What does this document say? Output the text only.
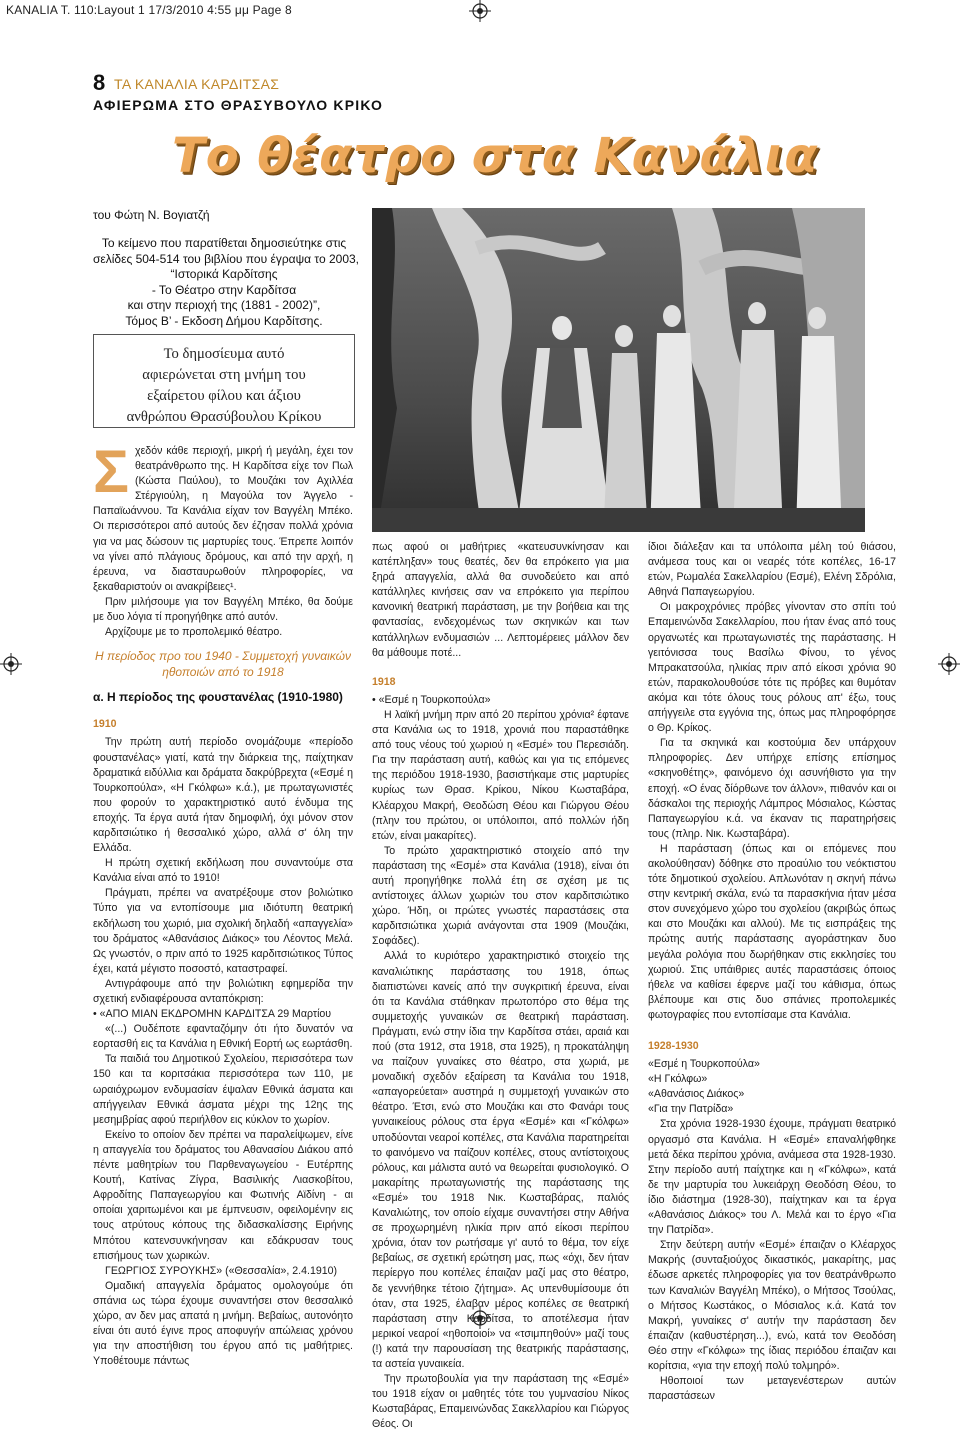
KANALIA T. 110:Layout 1 17/3/2010 4:55 μμ Page 8
8 ΤΑ ΚΑΝΑΛΙΑ ΚΑΡΔΙΤΣΑΣ
ΑΦΙΕΡΩΜΑ ΣΤΟ ΘΡΑΣΥΒΟΥΛΟ ΚΡΙΚΟ
Το θέατρο στα Κανάλια
του Φώτη Ν. Βογιατζή
Το κείμενο που παρατίθεται δημοσιεύτηκε στις
σελίδες 504-514 του βιβλίου που έγραψα το 2003,
“Ιστορικά Καρδίτσης
- Το Θέατρο στην Καρδίτσα
και στην περιοχή της (1881 - 2002)”,
Τόμος Β’ - Εκδοση Δήμου Καρδίτσης.
Το δημοσίευμα αυτό
αφιερώνεται στη μνήμη του
εξαίρετου φίλου και άξιου
ανθρώπου Θρασύβουλου Κρίκου

Σχεδόν κάθε περιοχή, μικρή ή μεγάλη, έχει τον θεατράνθρωπο της. Η Καρδίτσα είχε τον Πωλ (Κώστα Παύλου), το Μουζάκι τον Αχιλλέα Στέργιούλη, η Μαγούλα τον Άγγελο - Παπαϊωάννου. Τα Κανάλια είχαν τον Βαγγέλη Μπέκο. Οι περισσότεροι από αυτούς δεν έζησαν πολλά χρόνια για να μας δώσουν τις μαρτυρίες τους. Έπρεπε λοιπόν να γίνει από πλάγιους δρόμους, και από την αρχή, η έρευνα, να διασταυρωθούν πληροφορίες, να ξεκαθαριστούν οι ανακρίβειες¹.

Πριν μιλήσουμε για τον Βαγγέλη Μπέκο, θα δούμε με δυο λόγια τί προηγήθηκε από αυτόν.

Αρχίζουμε με το προπολεμικό θέατρο.

Η περίοδος προ του 1940 - Συμμετοχή γυναικών ηθοποιών από το 1918

α. Η περίοδος της φουστανέλας (1910-1980)

1910

Την πρώτη αυτή περίοδο ονομάζουμε «περίοδο φουστανέλας» γιατί, κατά την διάρκεια της, παίχτηκαν δραματικά ειδύλλια και δράματα δακρύβρεχτα («Εσμέ η Τουρκοπούλα», «Η Γκόλφω» κ.ά.), με πρωταγωνιστές που φορούν το χαρακτηριστικό αυτό ένδυμα της εποχής. Τα έργα αυτά ήταν δημοφιλή, όχι μόνον στον καρδιτσιώτικο ή θεσσαλικό χώρο, αλλά σ' όλη την Ελλάδα.

Η πρώτη σχετική εκδήλωση που συναντούμε στα Κανάλια είναι από το 1910!

Πράγματι, πρέπει να ανατρέξουμε στον βολιώτικο Τύπο για να εντοπίσουμε μια ιδιότυπη θεατρική εκδήλωση του χωριό, μια σχολική δηλαδή «απαγγελία» του δράματος «Αθανάσιος Διάκος» του Λέοντος Μελά. Ως γνωστόν, ο πριν από το 1925 καρδιτσιώτικος Τύπος έχει, κατά μέγιστο ποσοστό, καταστραφεί.

Αντιγράφουμε από την βολιώτικη εφημερίδα την σχετική ενδιαφέρουσα ανταπόκριση:

• «ΑΠΟ ΜΙΑΝ ΕΚΔΡΟΜΗΝ ΚΑΡΔΙΤΣΑ 29 Μαρτίου

«(...) Ουδέποτε εφανταζόμην ότι ήτο δυνατόν να εορτασθή εις τα Κανάλια η Εθνική Εορτή ως εωρτάσθη.

Τα παιδιά του Δημοτικού Σχολείου, περισσότερα των 150 και τα κοριτσάκια περισσότερα των 110, με ωραιόχρωμον ενδυμασίαν έψαλαν Εθνικά άσματα και απήγγειλαν Εθνικά άσματα μέχρι της 12ης της μεσημβρίας αφού περιήλθον εις κύκλον το χωρίον.

Εκείνο το οποίον δεν πρέπει να παραλείψωμεν, είνε η απαγγελία του δράματος του Αθανασίου Διάκου από πέντε μαθητρίων του Παρθεναγωγείου - Ευτέρπης Κουτή, Κατίνας Ζίγρα, Βασιλικής Λιασκοβίτου, Αφροδίτης Παπαγεωργίου και Φωτινής Αϊδίνη - αι οποίαι χαριτωμένοι και με έμπνευσιν, οφειλομένην εις τους ατρύτους κόπους της διδασκαλίσσης Ειρήνης Μπότου κατενσυνκήνησαν και εδάκρυσαν τους επισήμους των χωρικών.

ΓΕΩΡΓΙΟΣ ΣΥΡΟΥΚΗΣ» («Θεσσαλία», 2.4.1910)

Ομαδική απαγγελία δράματος ομολογούμε ότι σπάνια ως τώρα έχουμε συναντήσει στον θεσσαλικό χώρο, αν δεν μας απατά η μνήμη. Βεβαίως, αυτονόητο είναι ότι αυτό έγινε προς αποφυγήν απώλειας χρόνου για την αποστήθιση του έργου από τις μαθήτριες. Υποθέτουμε πάντως

πως αφού οι μαθήτριες «κατευσυνκίνησαν και κατέπληξαν» τους θεατές, δεν θα επρόκειτο για μια ξηρά απαγγελία, αλλά θα συνοδεύετο και από κατάλληλες κινήσεις σαν να επρόκειτο για περίπου κανονική θεατρική παράσταση, με την βοήθεια και της φαντασίας, ενδεχομένως των σκηνικών και των κατάλληλων ενδυμασιών ... Λεπτομέρειες μάλλον δεν θα μάθουμε ποτέ...

1918

• «Εσμέ η Τουρκοπούλα»

Η λαϊκή μνήμη πριν από 20 περίπου χρόνια² έφτανε στα Κανάλια ως το 1918, χρονιά που παραστάθηκε από τους νέους τού χωριού η «Εσμέ» του Περεσιάδη. Για την παράσταση αυτή, καθώς και για τις επόμενες της περιόδου 1918-1930, βασιστήκαμε στις μαρτυρίες κυρίως των Θρασ. Κρίκου, Νίκου Κωσταβάρα, Κλέαρχου Μακρή, Θεοδώση Θέου και Γιώργου Θέου (πλην του πρώτου, οι υπόλοιποι, από πολλών ήδη ετών, είναι μακαρίτες).

Το πρώτο χαρακτηριστικό στοιχείο από την παράσταση της «Εσμέ» στα Κανάλια (1918), είναι ότι αυτή προηγήθηκε πολλά έτη σε σχέση με τις αντίστοιχες άλλων χωριών του στον καρδιτσιώτικο χώρο. Ήδη, οι πρώτες γνωστές παραστάσεις στα καρδιτσιώτικα χωριά ανάγονται στα 1909 (Μουζάκι, Σοφάδες).

Αλλά το κυριότερο χαρακτηριστικό στοιχείο της καναλιώτικης παράστασης του 1918, όπως διαπιστώνει κανείς από την συγκριτική έρευνα, είναι ότι τα Κανάλια στάθηκαν πρωτοπόρο στο θέμα της συμμετοχής γυναικών σε θεατρική παράσταση. Πράγματι, ενώ στην ίδια την Καρδίτσα στάει, αραιά και πού (στα 1912, στα 1918, στα 1925), η προκατάληψη να παίζουν γυναίκες στο θέατρο, στα χωριά, με μοναδική σχεδόν εξαίρεση τα Κανάλια του 1918, «απαγορεύεται» αυστηρά η συμμετοχή γυναικών στο θέατρο. Έτσι, ενώ στο Μουζάκι και στο Φανάρι τους γυναικείους ρόλους στα έργα «Εσμέ» και «Γκόλφω» υποδύονται νεαροί κοπέλες, στα Κανάλια παρατηρείται το φαινόμενο να παίζουν κοπέλες, στους αντίστοιχους ρόλους, και μάλιστα αυτό να θεωρείται φυσιολογικό. Ο μακαρίτης πρωταγωνιστής της παράστασης της «Εσμέ» του 1918 Νικ. Κωσταβάρας, παλιός Καναλιώτης, τον οποίο είχαμε συναντήσει στην Αθήνα σε προχωρημένη ηλικία πριν από είκοσι περίπου χρόνια, όταν τον ρωτήσαμε γι' αυτό το θέμα, τον είχε βεβαίως, σε σχετική ερώτηση μας, πως «όχι, δεν ήταν περίεργο που κοπέλες έπαιζαν μαζί μας στο θέατρο, δε γεννήθηκε τέτοιο ζήτημα». Ας υπενθυμίσουμε ότι όταν, στα 1925, έλαβαν μέρος κοπέλες σε θεατρική παράσταση στην Καρδίτσα, το αποτέλεσμα ήταν μερικοί νεαροί «ηθοποιοί» να «τσιμπηθούν» μαζί τους (!) κατά την παρουσίαση της θεατρικής παράστασης, τα αστεία γυναικεία.

Την πρωτοβουλία για την παράσταση της «Εσμέ» του 1918 είχαν οι μαθητές τότε του γυμνασίου Νίκος Κωσταβάρας, Επαμεινώνδας Σακελλαρίου και Γιώργος Θέος. Οι

ίδιοι διάλεξαν και τα υπόλοιπα μέλη τού θιάσου, ανάμεσα τους και οι νεαρές τότε κοπέλες, 16-17 ετών, Ρωμαλέα Σακελλαρίου (Εσμέ), Ελένη Σδρόλια, Αθηνά Παπαγεωργίου.

Οι μακροχρόνιες πρόβες γίνονταν στο σπίτι τού Επαμεινώνδα Σακελλαρίου, που ήταν ένας από τους οργανωτές και πρωταγωνιστές της παράστασης. Η γειτόνισσα τους Βασίλω Φίνου, το γένος Μπρακατσούλα, ηλικίας πριν από είκοσι χρόνια 90 ετών, παρακολουθούσε τότε τις πρόβες και θυμόταν ακόμα και τότε όλους τους ρόλους απ' έξω, τους απήγγειλε στα εγγόνια της, όπως μας πληροφόρησε ο Θρ. Κρίκος.

Για τα σκηνικά και κοστούμια δεν υπάρχουν πληροφορίες. Δεν υπήρχε επίσης επίσημος «σκηνοθέτης», φαινόμενο όχι ασυνήθιστο για την εποχή. «Ο ένας δίόρθωνε τον άλλον», πιθανόν και οι δάσκαλοι της περιοχής Λάμπρος Μόσιαλος, Κώστας Παπαγεωργίου κ.ά. να έκαναν τις παρατηρήσεις τους (πληρ. Νικ. Κωσταβάρα).

Η παράσταση (όπως και οι επόμενες που ακολούθησαν) δόθηκε στο προαύλιο του νεόκτιστου τότε δημοτικού σχολείου. Απλωνόταν η σκηνή πάνω στην κεντρική σκάλα, ενώ τα παρασκήνια ήταν μέσα στον συνεχόμενο χώρο του σχολείου (ακριβώς όπως και στο Μουζάκι και αλλού). Με τις εισπράξεις της πρώτης αυτής παράστασης αγοράστηκαν δυο μεγάλα ρολόγια που δωρήθηκαν στις εκκλησίες του χωριού. Στις υπάιθριες αυτές παραστάσεις όποιος ήθελε να καθίσει έφερνε μαζί του κάθισμα, όπως βλέπουμε και στις δυο σπάνιες προπολεμικές φωτογραφίες που εντοπίσαμε στα Κανάλια.

1928-1930

«Εσμέ η Τουρκοπούλα»

«Η Γκόλφω»

«Αθανάσιος Διάκος»

«Για την Πατρίδα»

Στα χρόνια 1928-1930 έχουμε, πράγματι θεατρικό οργασμό στα Κανάλια. Η «Εσμέ» επαναλήφθηκε μετά δέκα περίπου χρόνια, ανάμεσα στα 1928-1930. Στην περίοδο αυτή παίχτηκε και η «Γκόλφω», κατά δε την μαρτυρία του λυκειάρχη Θεοδόση Θέου, το ίδιο διάστημα (1928-30), παίχτηκαν και τα έργα «Αθανάσιος Διάκος» του Λ. Μελά και το έργο «Για την Πατρίδα».

Στην δεύτερη αυτήν «Εσμέ» έπαιζαν ο Κλέαρχος Μακρής (συνταξιούχος δικαστικός, μακαρίτης, μας έδωσε αρκετές πληροφορίες για τον θεατράνθρωπο των Καναλιών Βαγγέλη Μπέκο), ο Μήτσος Τσούλας, ο Μήτσος Κωστάκος, ο Μόσιαλος κ.ά. Κατά τον Μακρή, γυναίκες σ' αυτήν την παράσταση δεν έπαιζαν (καθυστέρηση...), ενώ, κατά τον Θεοδόση Θέο στην «Γκόλφω» της ίδιας περιόδου έπαιζαν και κορίτσια, «για την εποχή πολύ τολμηρό».

Ηθοποιοί των μεταγενέστερων αυτών παραστάσεων
